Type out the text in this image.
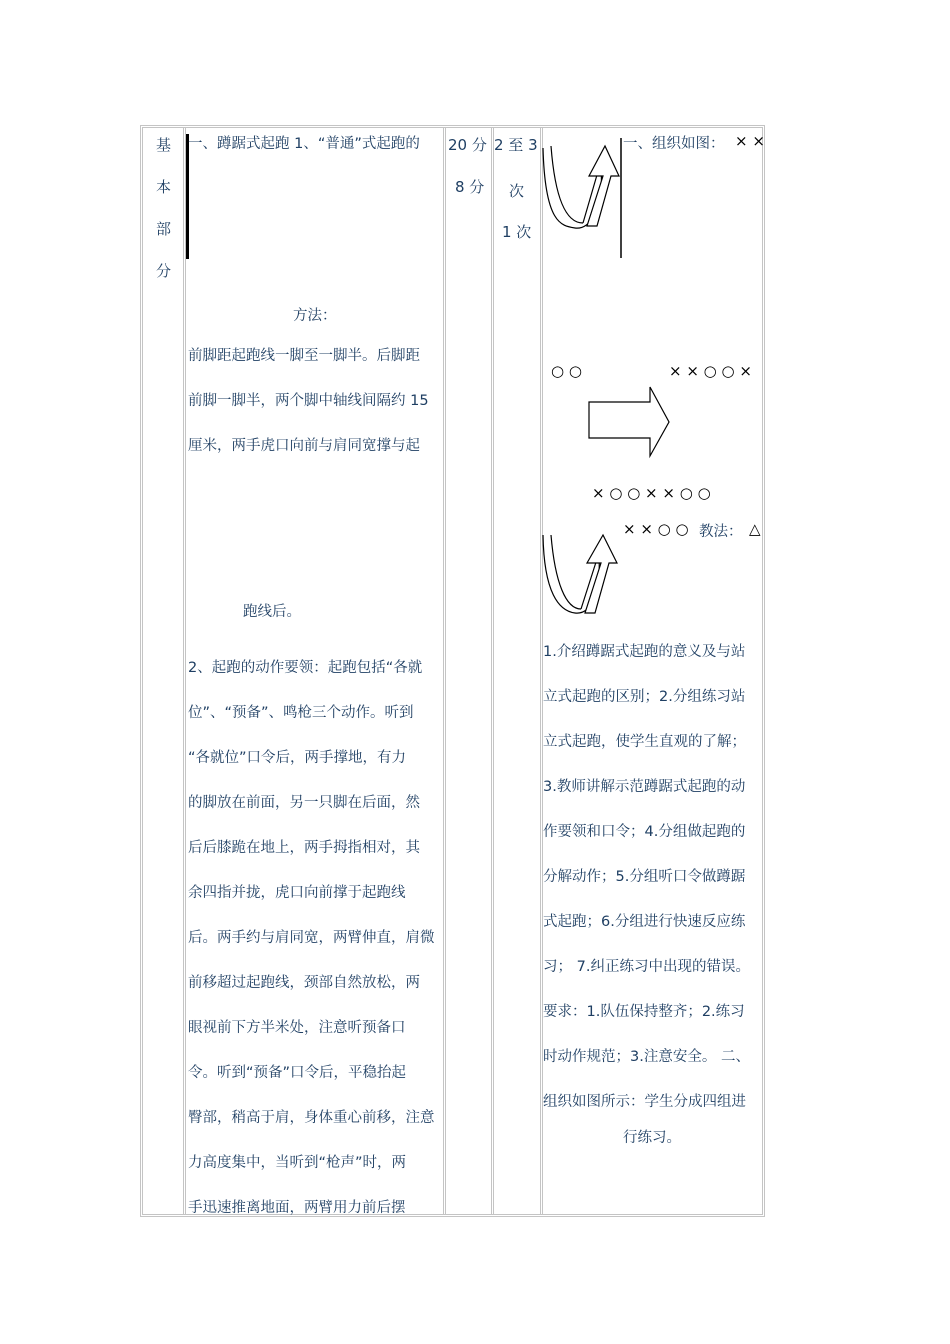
基
本
部
分
一、蹲踞式起跑 1、“普通”式起跑的
方法：
前脚距起跑线一脚至一脚半。后脚距
前脚一脚半，两个脚中轴线间隔约 15
厘米，两手虎口向前与肩同宽撑与起
跑线后。
2、起跑的动作要领：起跑包括“各就
位”、“预备”、鸣枪三个动作。听到
“各就位”口令后，两手撑地，有力
的脚放在前面，另一只脚在后面，然
后后膝跪在地上，两手拇指相对，其
余四指并拢，虎口向前撑于起跑线
后。两手约与肩同宽，两臂伸直，肩微
前移超过起跑线，颈部自然放松，两
眼视前下方半米处，注意听预备口
令。听到“预备”口令后，平稳抬起
臀部，稍高于肩，身体重心前移，注意
力高度集中，当听到“枪声”时，两
手迅速推离地面，两臂用力前后摆
20 分
8 分
2 至 3
次
1 次
一、组织如图： × ×
○ ○	× × ○ ○ ×
× ○ ○ × × ○ ○
× × ○ ○ 教法： △
1.介绍蹲踞式起跑的意义及与站
立式起跑的区别；2.分组练习站
立式起跑，使学生直观的了解；
3.教师讲解示范蹲踞式起跑的动
作要领和口令；4.分组做起跑的
分解动作；5.分组听口令做蹲踞
式起跑；6.分组进行快速反应练
习； 7.纠正练习中出现的错误。
要求：1.队伍保持整齐；2.练习
时动作规范；3.注意安全。 二、
组织如图所示：学生分成四组进
行练习。
